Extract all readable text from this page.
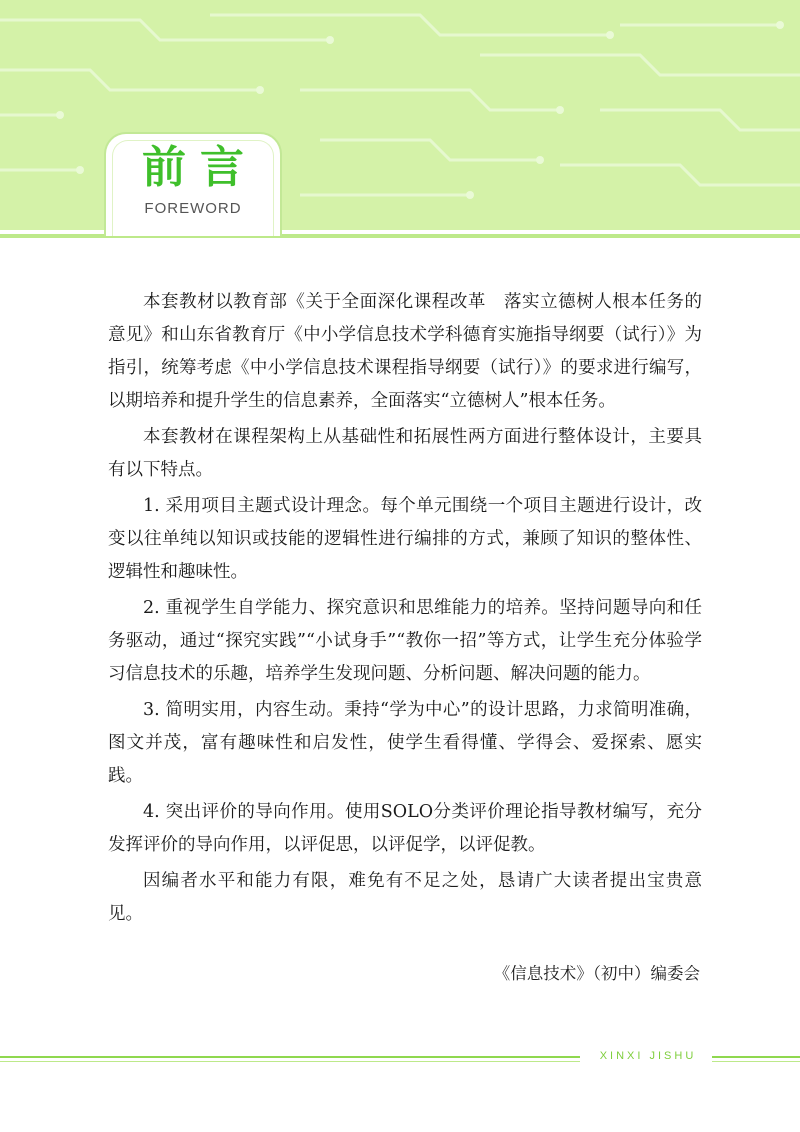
前言
FOREWORD

本套教材以教育部《关于全面深化课程改革　落实立德树人根本任务的意见》和山东省教育厅《中小学信息技术学科德育实施指导纲要（试行）》为指引，统筹考虑《中小学信息技术课程指导纲要（试行）》的要求进行编写，以期培养和提升学生的信息素养，全面落实“立德树人”根本任务。

本套教材在课程架构上从基础性和拓展性两方面进行整体设计，主要具有以下特点。

1. 采用项目主题式设计理念。每个单元围绕一个项目主题进行设计，改变以往单纯以知识或技能的逻辑性进行编排的方式，兼顾了知识的整体性、逻辑性和趣味性。

2. 重视学生自学能力、探究意识和思维能力的培养。坚持问题导向和任务驱动，通过“探究实践”“小试身手”“教你一招”等方式，让学生充分体验学习信息技术的乐趣，培养学生发现问题、分析问题、解决问题的能力。

3. 简明实用，内容生动。秉持“学为中心”的设计思路，力求简明准确，图文并茂，富有趣味性和启发性，使学生看得懂、学得会、爱探索、愿实践。

4. 突出评价的导向作用。使用SOLO分类评价理论指导教材编写，充分发挥评价的导向作用，以评促思，以评促学，以评促教。

因编者水平和能力有限，难免有不足之处，恳请广大读者提出宝贵意见。

《信息技术》（初中）编委会
XINXI JISHU
